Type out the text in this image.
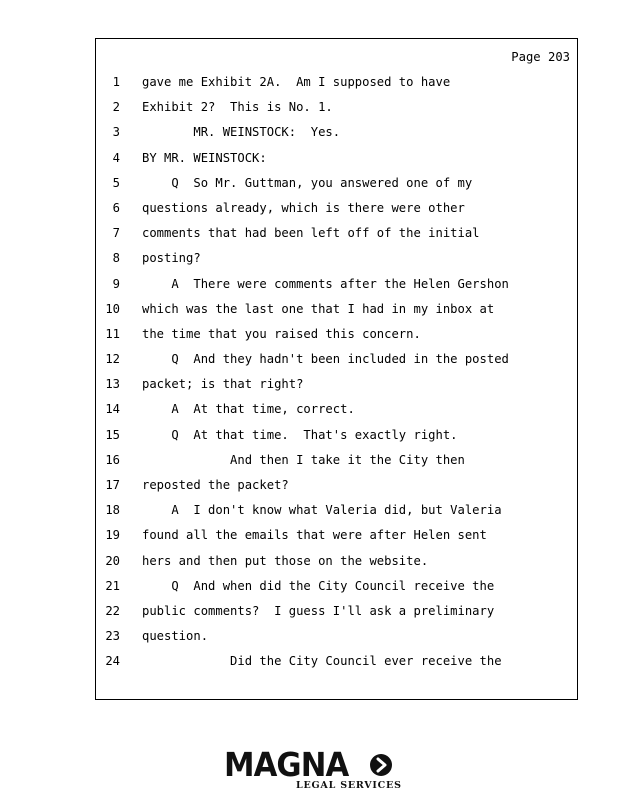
Page 203
1 gave me Exhibit 2A.  Am I supposed to have
2 Exhibit 2?  This is No. 1.
3 MR. WEINSTOCK:  Yes.
4 BY MR. WEINSTOCK:
5 Q  So Mr. Guttman, you answered one of my
6 questions already, which is there were other
7 comments that had been left off of the initial
8 posting?
9 A  There were comments after the Helen Gershon
10 which was the last one that I had in my inbox at
11 the time that you raised this concern.
12 Q  And they hadn't been included in the posted
13 packet; is that right?
14 A  At that time, correct.
15 Q  At that time.  That's exactly right.
16 And then I take it the City then
17 reposted the packet?
18 A  I don't know what Valeria did, but Valeria
19 found all the emails that were after Helen sent
20 hers and then put those on the website.
21 Q  And when did the City Council receive the
22 public comments?  I guess I'll ask a preliminary
23 question.
24 Did the City Council ever receive the
MAGNA
LEGAL SERVICES
